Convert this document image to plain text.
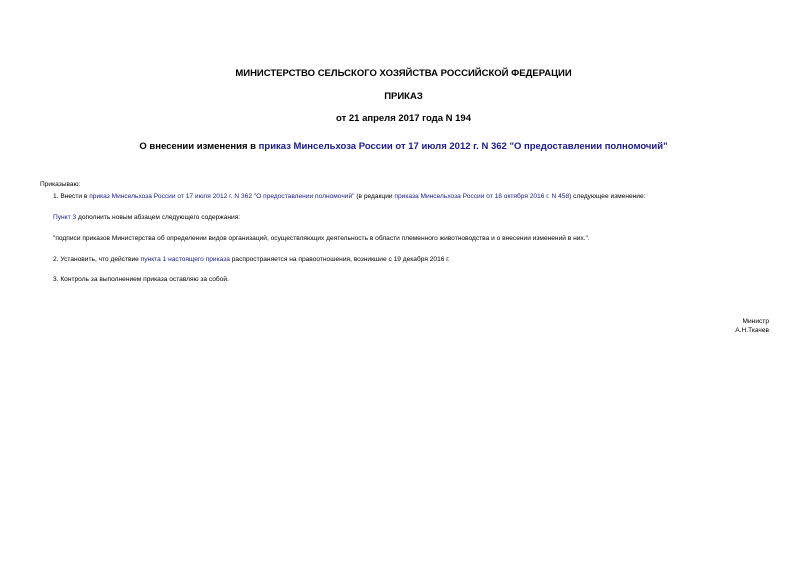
МИНИСТЕРСТВО СЕЛЬСКОГО ХОЗЯЙСТВА РОССИЙСКОЙ ФЕДЕРАЦИИ
ПРИКАЗ
от 21 апреля 2017 года N 194
О внесении изменения в приказ Минсельхоза России от 17 июля 2012 г. N 362 "О предоставлении полномочий"
Приказываю:
1. Внести в приказ Минсельхоза России от 17 июля 2012 г. N 362 "О предоставлении полномочий" (в редакции приказа Минсельхоза России от 18 октября 2016 г. N 458) следующее изменение:
Пункт 3 дополнить новым абзацем следующего содержания:
"подписи приказов Министерства об определении видов организаций, осуществляющих деятельность в области племенного животноводства и о внесении изменений в них.".
2. Установить, что действие пункта 1 настоящего приказа распространяется на правоотношения, возникшие с 19 декабря 2016 г.
3. Контроль за выполнением приказа оставляю за собой.
Министр
А.Н.Ткачев
